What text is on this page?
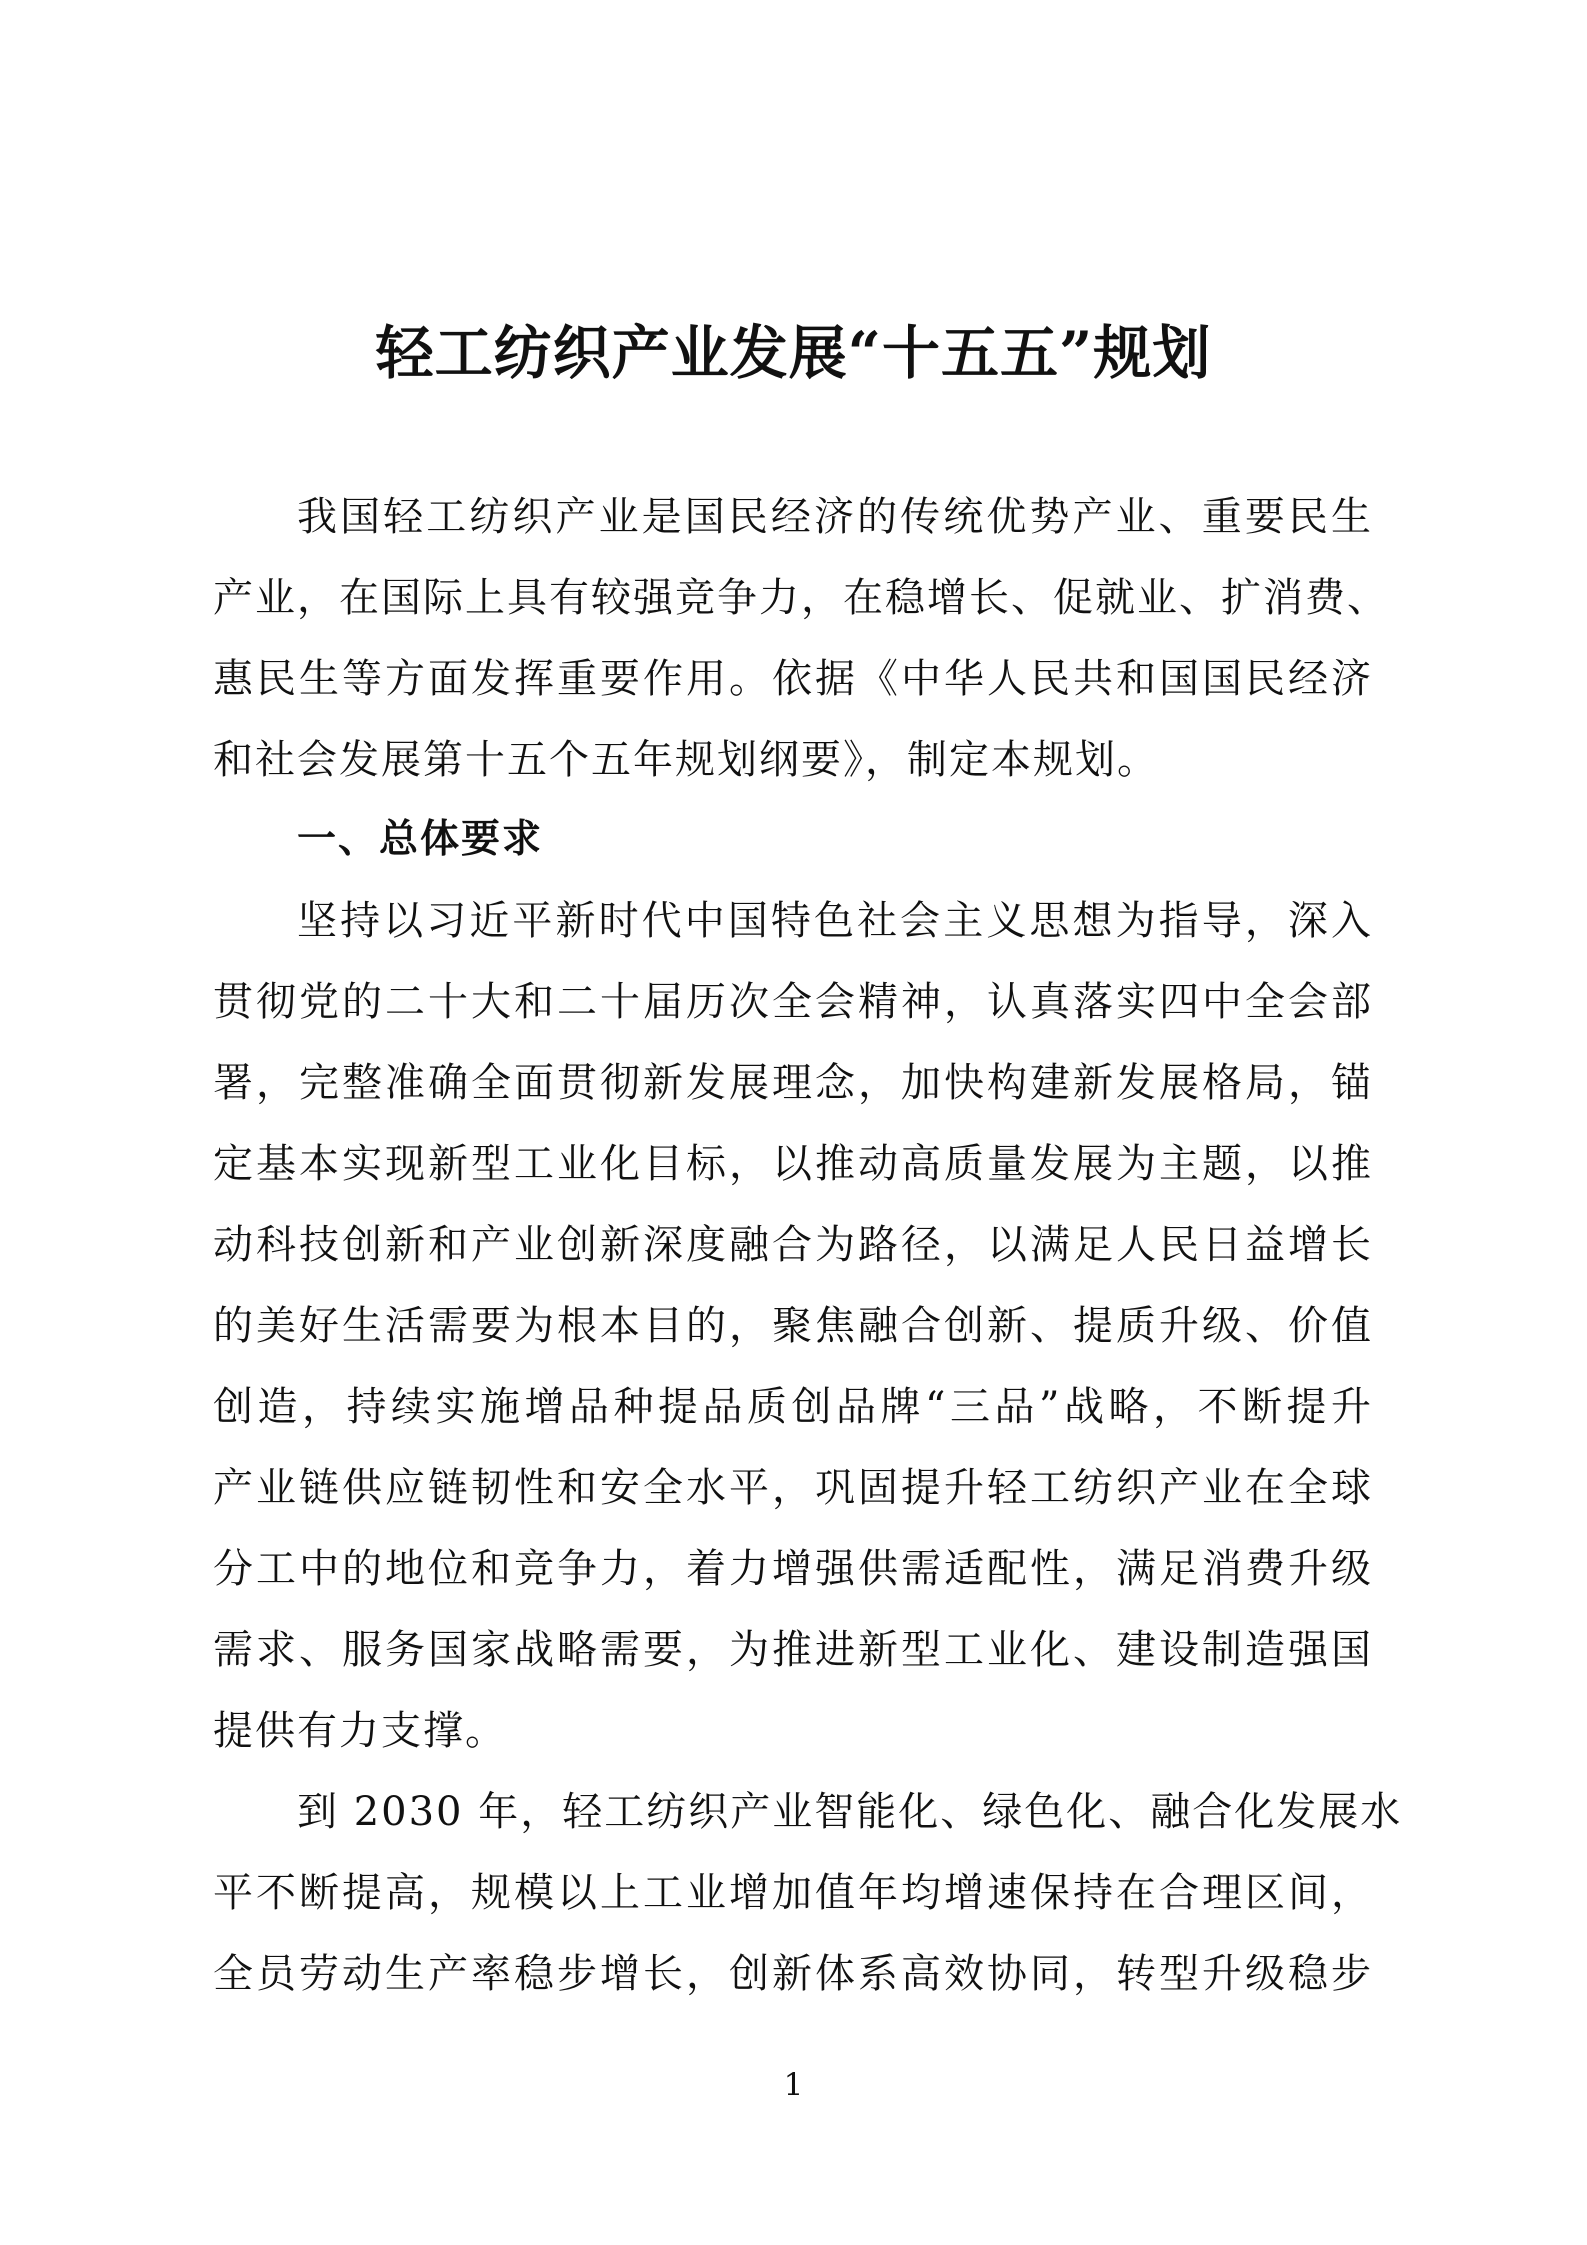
轻工纺织产业发展“十五五”规划
我国轻工纺织产业是国民经济的传统优势产业、重要民生
产业，在国际上具有较强竞争力，在稳增长、促就业、扩消费、
惠民生等方面发挥重要作用。依据《中华人民共和国国民经济
和社会发展第十五个五年规划纲要》，制定本规划。
一、总体要求
坚持以习近平新时代中国特色社会主义思想为指导，深入
贯彻党的二十大和二十届历次全会精神，认真落实四中全会部
署，完整准确全面贯彻新发展理念，加快构建新发展格局，锚
定基本实现新型工业化目标，以推动高质量发展为主题，以推
动科技创新和产业创新深度融合为路径，以满足人民日益增长
的美好生活需要为根本目的，聚焦融合创新、提质升级、价值
创造，持续实施增品种提品质创品牌“三品”战略，不断提升
产业链供应链韧性和安全水平，巩固提升轻工纺织产业在全球
分工中的地位和竞争力，着力增强供需适配性，满足消费升级
需求、服务国家战略需要，为推进新型工业化、建设制造强国
提供有力支撑。
到 2030 年，轻工纺织产业智能化、绿色化、融合化发展水
平不断提高，规模以上工业增加值年均增速保持在合理区间，
全员劳动生产率稳步增长，创新体系高效协同，转型升级稳步
1
